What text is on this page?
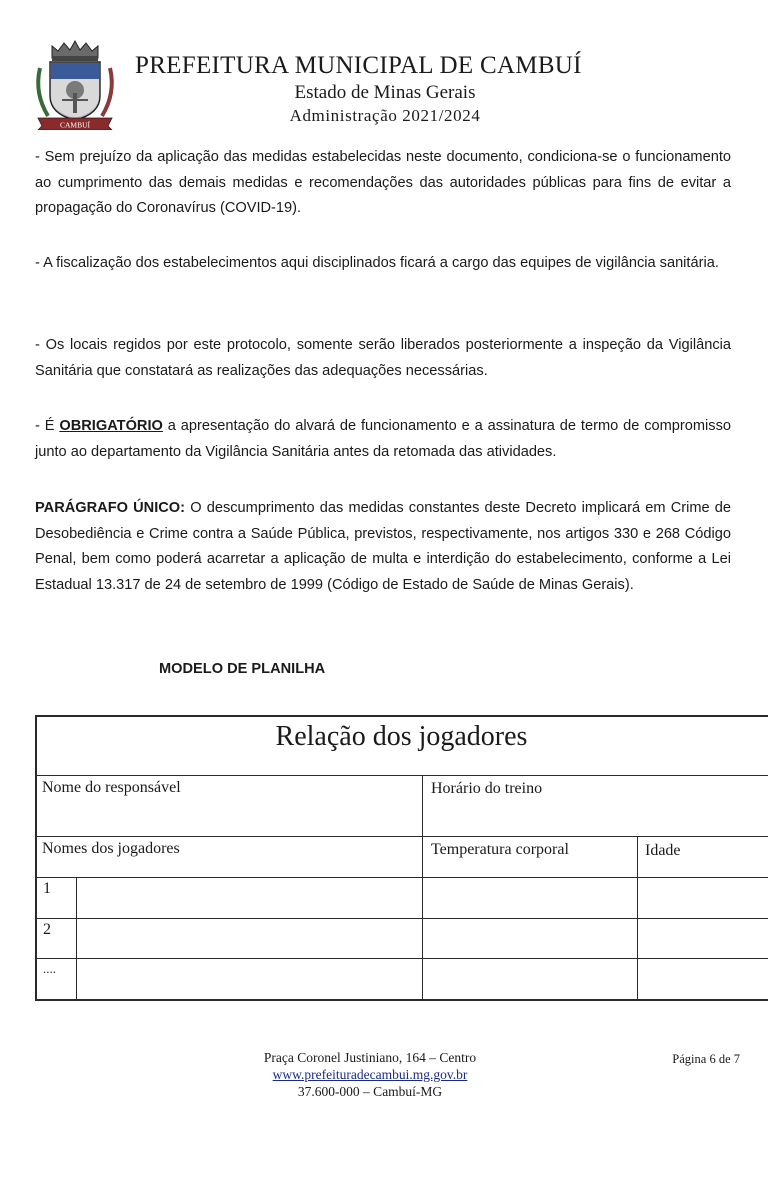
CAMBUÍ
PREFEITURA MUNICIPAL DE CAMBUÍ
Estado de Minas Gerais
Administração 2021/2024

- Sem prejuízo da aplicação das medidas estabelecidas neste documento, condiciona-se o funcionamento ao cumprimento das demais medidas e recomendações das autoridades públicas para fins de evitar a propagação do Coronavírus (COVID-19).

- A fiscalização dos estabelecimentos aqui disciplinados ficará a cargo das equipes de vigilância sanitária.

- Os locais regidos por este protocolo, somente serão liberados posteriormente a inspeção da Vigilância Sanitária que constatará as realizações das adequações necessárias.

- É OBRIGATÓRIO a apresentação do alvará de funcionamento e a assinatura de termo de compromisso junto ao departamento da Vigilância Sanitária antes da retomada das atividades.

PARÁGRAFO ÚNICO: O descumprimento das medidas constantes deste Decreto implicará em Crime de Desobediência e Crime contra a Saúde Pública, previstos, respectivamente, nos artigos 330 e 268 Código Penal, bem como poderá acarretar a aplicação de multa e interdição do estabelecimento, conforme a Lei Estadual 13.317 de 24 de setembro de 1999 (Código de Estado de Saúde de Minas Gerais).

MODELO DE PLANILHA
Relação dos jogadores
Nome do responsável	Horário do treino
Nomes dos jogadores	Temperatura corporal	Idade
1
2
....
Praça Coronel Justiniano, 164 – Centro
www.prefeituradecambui.mg.gov.br
37.600-000 – Cambuí-MG
Página 6 de 7
